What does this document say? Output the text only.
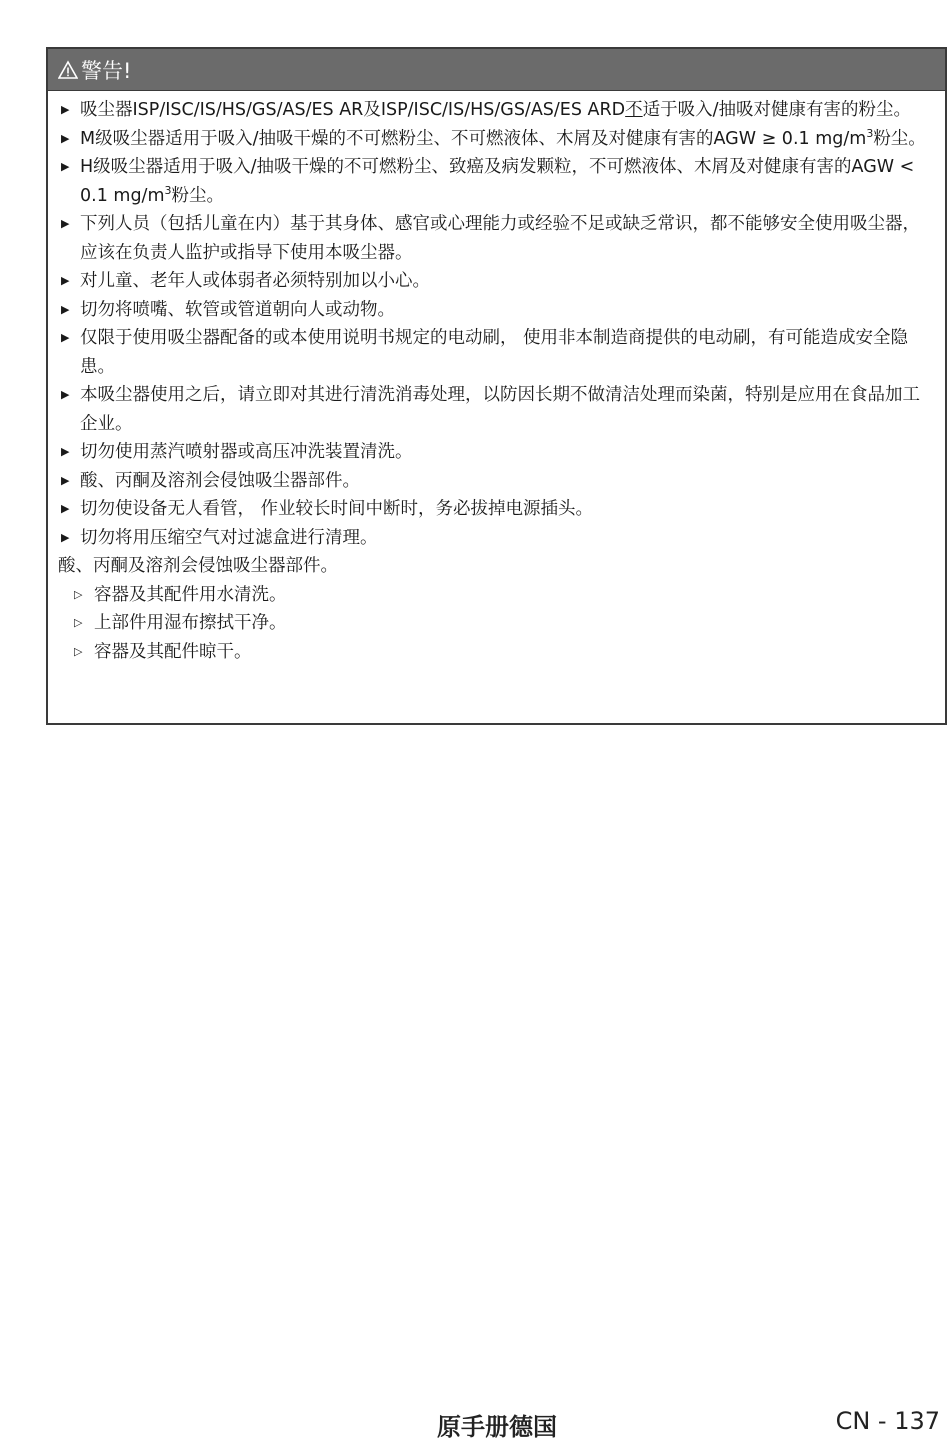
警告!
▶ 吸尘器ISP/ISC/IS/HS/GS/AS/ES AR及ISP/ISC/IS/HS/GS/AS/ES ARD不适于吸入/抽吸对健康有害的粉尘。
▶ M级吸尘器适用于吸入/抽吸干燥的不可燃粉尘、不可燃液体、木屑及对健康有害的AGW ≥ 0.1 $mg/m^3$粉尘。
▶ H级吸尘器适用于吸入/抽吸干燥的不可燃粉尘、致癌及病发颗粒，不可燃液体、木屑及对健康有害的AGW < 0.1 $mg/m^3$粉尘。
▶ 下列人员（包括儿童在内）基于其身体、感官或心理能力或经验不足或缺乏常识，都不能够安全使用吸尘器，应该在负责人监护或指导下使用本吸尘器。
▶ 对儿童、老年人或体弱者必须特别加以小心。
▶ 切勿将喷嘴、软管或管道朝向人或动物。
▶ 仅限于使用吸尘器配备的或本使用说明书规定的电动刷， 使用非本制造商提供的电动刷，有可能造成安全隐患。
▶ 本吸尘器使用之后，请立即对其进行清洗消毒处理，以防因长期不做清洁处理而染菌，特别是应用在食品加工企业。
▶ 切勿使用蒸汽喷射器或高压冲洗装置清洗。
▶ 酸、丙酮及溶剂会侵蚀吸尘器部件。
▶ 切勿使设备无人看管， 作业较长时间中断时，务必拔掉电源插头。
▶ 切勿将用压缩空气对过滤盒进行清理。
酸、丙酮及溶剂会侵蚀吸尘器部件。
▷ 容器及其配件用水清洗。
▷ 上部件用湿布擦拭干净。
▷ 容器及其配件晾干。
原手册德国	CN - 137
